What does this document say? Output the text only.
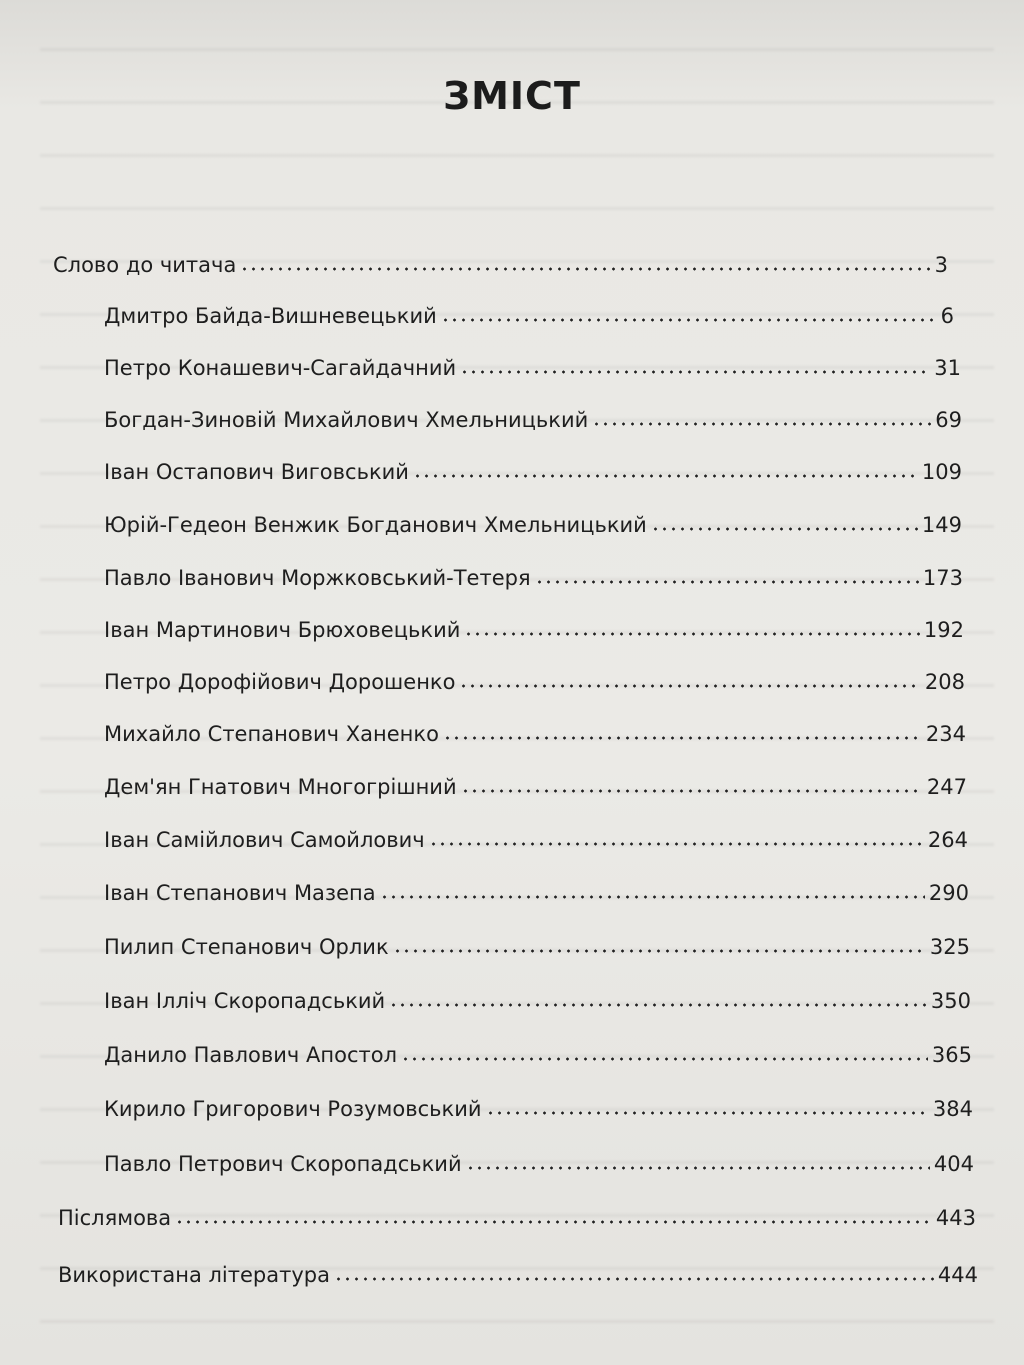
ЗМІСТ
Слово до читача	3
Дмитро Байда-Вишневецький	6
Петро Конашевич-Сагайдачний	31
Богдан-Зиновій Михайлович Хмельницький	69
Іван Остапович Виговський	109
Юрій-Гедеон Венжик Богданович Хмельницький	149
Павло Іванович Моржковський-Тетеря	173
Іван Мартинович Брюховецький	192
Петро Дорофійович Дорошенко	208
Михайло Степанович Ханенко	234
Дем'ян Гнатович Многогрішний	247
Іван Самійлович Самойлович	264
Іван Степанович Мазепа	290
Пилип Степанович Орлик	325
Іван Ілліч Скоропадський	350
Данило Павлович Апостол	365
Кирило Григорович Розумовський	384
Павло Петрович Скоропадський	404
Післямова	443
Використана література	444
